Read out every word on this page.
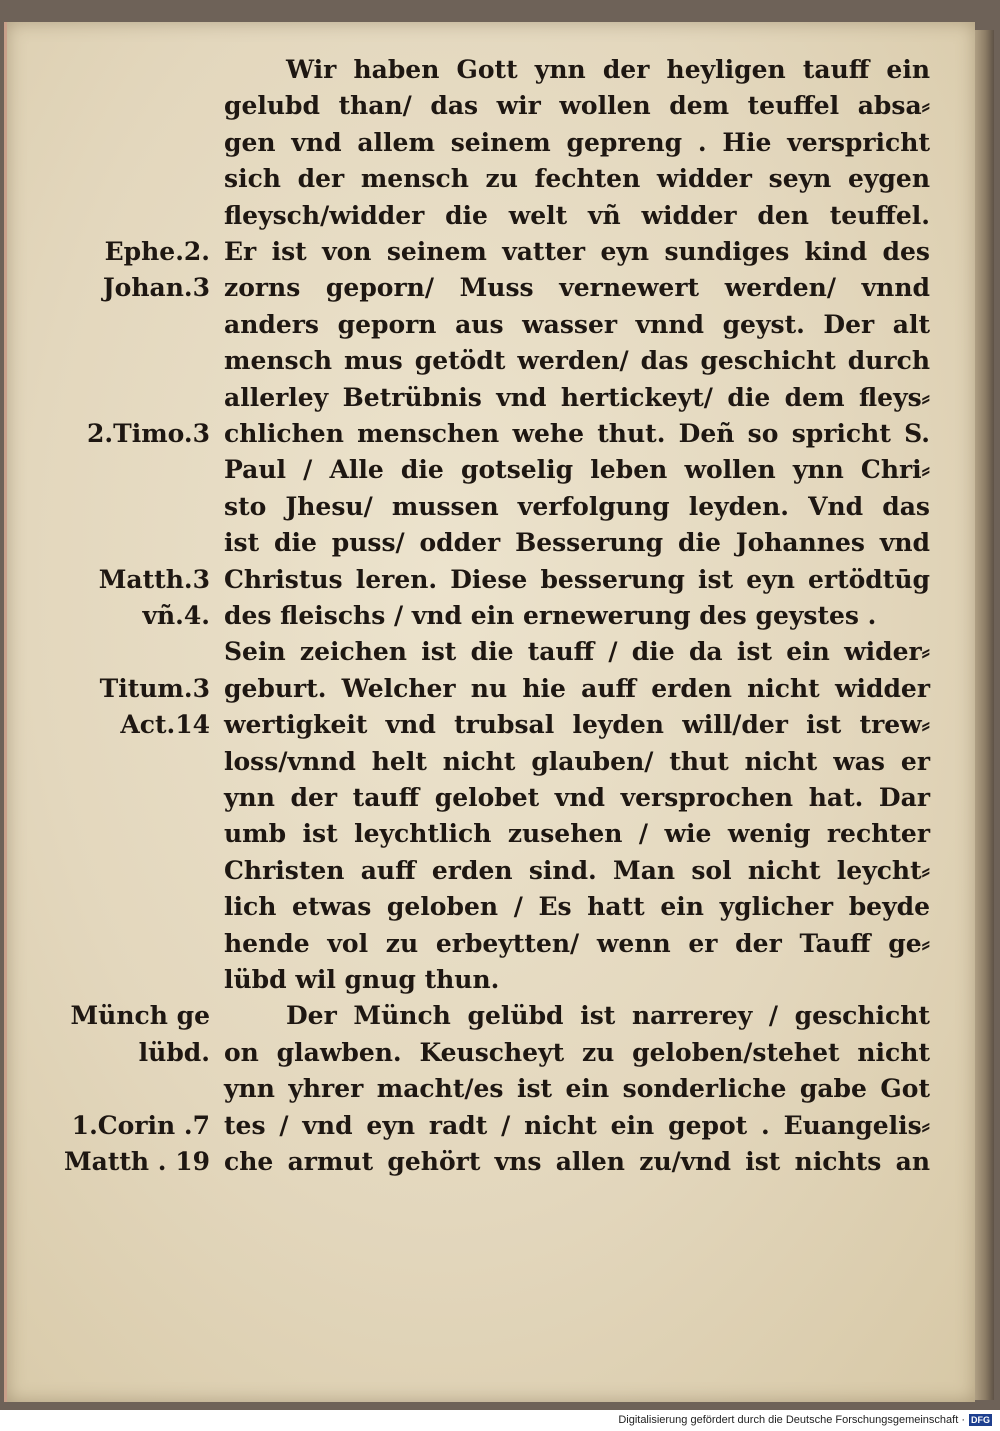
Wir haben Gott ynn der heyligen tauff ein
gelubd than/ das wir wollen dem teuffel absa⸗
gen vnd allem seinem gepreng . Hie verspricht
sich der mensch zu fechten widder seyn eygen
fleysch/widder die welt vñ widder den teuffel.
Er ist von seinem vatter eyn sundiges kind des
zorns geporn/ Muss vernewert werden/ vnnd
anders geporn aus wasser vnnd geyst. Der alt
mensch mus getödt werden/ das geschicht durch
allerley Betrübnis vnd hertickeyt/ die dem fleys⸗
chlichen menschen wehe thut. Deñ so spricht S.
Paul / Alle die gotselig leben wollen ynn Chri⸗
sto Jhesu/ mussen verfolgung leyden. Vnd das
ist die puss/ odder Besserung die Johannes vnd
Christus leren. Diese besserung ist eyn ertödtūg
des fleischs / vnd ein ernewerung des geystes .
Sein zeichen ist die tauff / die da ist ein wider⸗
geburt. Welcher nu hie auff erden nicht widder
wertigkeit vnd trubsal leyden will/der ist trew⸗
loss/vnnd helt nicht glauben/ thut nicht was er
ynn der tauff gelobet vnd versprochen hat. Dar
umb ist leychtlich zusehen / wie wenig rechter
Christen auff erden sind. Man sol nicht leycht⸗
lich etwas geloben / Es hatt ein yglicher beyde
hende vol zu erbeytten/ wenn er der Tauff ge⸗
lübd wil gnug thun.
Der Münch gelübd ist narrerey / geschicht
on glawben. Keuscheyt zu geloben/stehet nicht
ynn yhrer macht/es ist ein sonderliche gabe Got
tes / vnd eyn radt / nicht ein gepot . Euangelis⸗
che armut gehört vns allen zu/vnd ist nichts an
Ephe.2.
Johan.3
2.Timo.3
Matth.3
vñ.4.
Titum.3
Act.14
Münch ge
lübd.
1.Corin .7
Matth . 19
Digitalisierung gefördert durch die Deutsche Forschungsgemeinschaft · DFG
